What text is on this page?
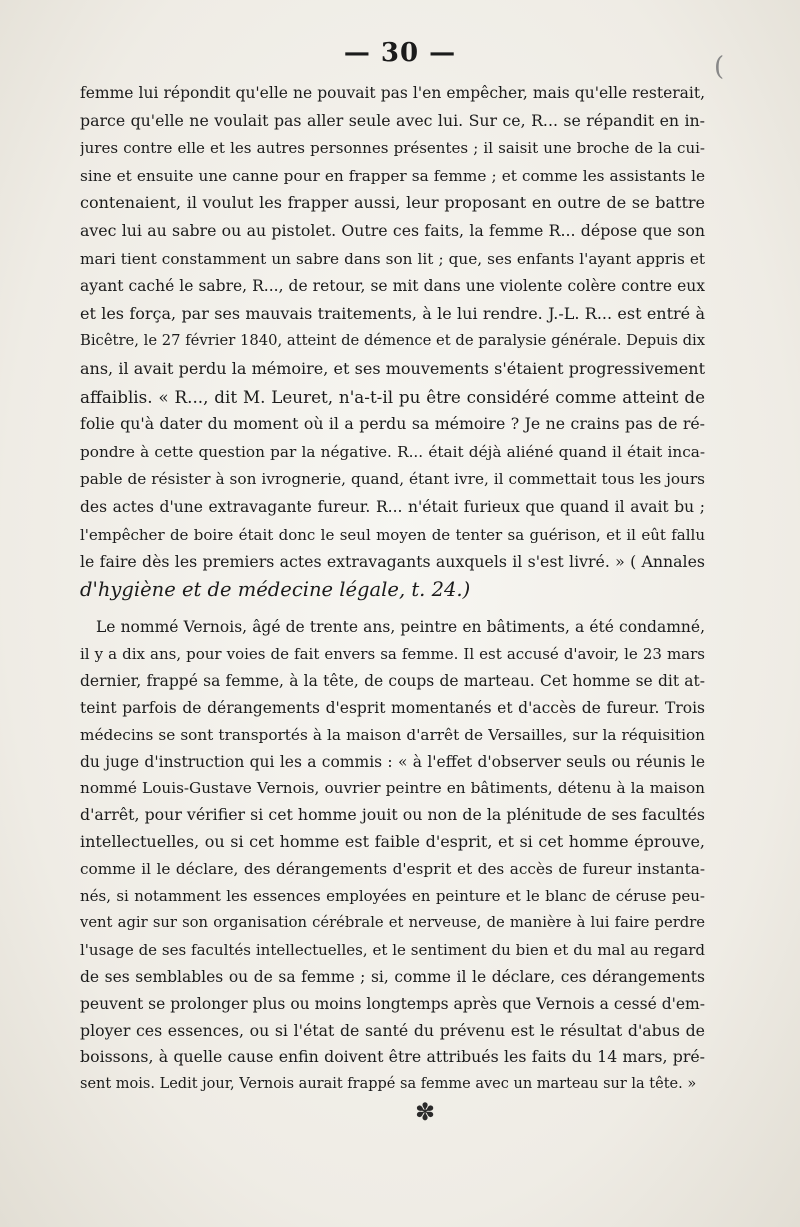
— 30 —	(
femme lui répondit qu'elle ne pouvait pas l'en empêcher, mais qu'elle resterait,
parce qu'elle ne voulait pas aller seule avec lui. Sur ce, R... se répandit en in-
jures contre elle et les autres personnes présentes ; il saisit une broche de la cui-
sine et ensuite une canne pour en frapper sa femme ; et comme les assistants le
contenaient, il voulut les frapper aussi, leur proposant en outre de se battre
avec lui au sabre ou au pistolet. Outre ces faits, la femme R... dépose que son
mari tient constamment un sabre dans son lit ; que, ses enfants l'ayant appris et
ayant caché le sabre, R..., de retour, se mit dans une violente colère contre eux
et les força, par ses mauvais traitements, à le lui rendre. J.-L. R... est entré à
Bicêtre, le 27 février 1840, atteint de démence et de paralysie générale. Depuis dix
ans, il avait perdu la mémoire, et ses mouvements s'étaient progressivement
affaiblis. « R..., dit M. Leuret, n'a-t-il pu être considéré comme atteint de
folie qu'à dater du moment où il a perdu sa mémoire ? Je ne crains pas de ré-
pondre à cette question par la négative. R... était déjà aliéné quand il était inca-
pable de résister à son ivrognerie, quand, étant ivre, il commettait tous les jours
des actes d'une extravagante fureur. R... n'était furieux que quand il avait bu ;
l'empêcher de boire était donc le seul moyen de tenter sa guérison, et il eût fallu
le faire dès les premiers actes extravagants auxquels il s'est livré. » ( Annales
d'hygiène et de médecine légale, t. 24.)
Le nommé Vernois, âgé de trente ans, peintre en bâtiments, a été condamné,
il y a dix ans, pour voies de fait envers sa femme. Il est accusé d'avoir, le 23 mars
dernier, frappé sa femme, à la tête, de coups de marteau. Cet homme se dit at-
teint parfois de dérangements d'esprit momentanés et d'accès de fureur. Trois
médecins se sont transportés à la maison d'arrêt de Versailles, sur la réquisition
du juge d'instruction qui les a commis : « à l'effet d'observer seuls ou réunis le
nommé Louis-Gustave Vernois, ouvrier peintre en bâtiments, détenu à la maison
d'arrêt, pour vérifier si cet homme jouit ou non de la plénitude de ses facultés
intellectuelles, ou si cet homme est faible d'esprit, et si cet homme éprouve,
comme il le déclare, des dérangements d'esprit et des accès de fureur instanta-
nés, si notamment les essences employées en peinture et le blanc de céruse peu-
vent agir sur son organisation cérébrale et nerveuse, de manière à lui faire perdre
l'usage de ses facultés intellectuelles, et le sentiment du bien et du mal au regard
de ses semblables ou de sa femme ; si, comme il le déclare, ces dérangements
peuvent se prolonger plus ou moins longtemps après que Vernois a cessé d'em-
ployer ces essences, ou si l'état de santé du prévenu est le résultat d'abus de
boissons, à quelle cause enfin doivent être attribués les faits du 14 mars, pré-
sent mois. Ledit jour, Vernois aurait frappé sa femme avec un marteau sur la tête. »
✽
